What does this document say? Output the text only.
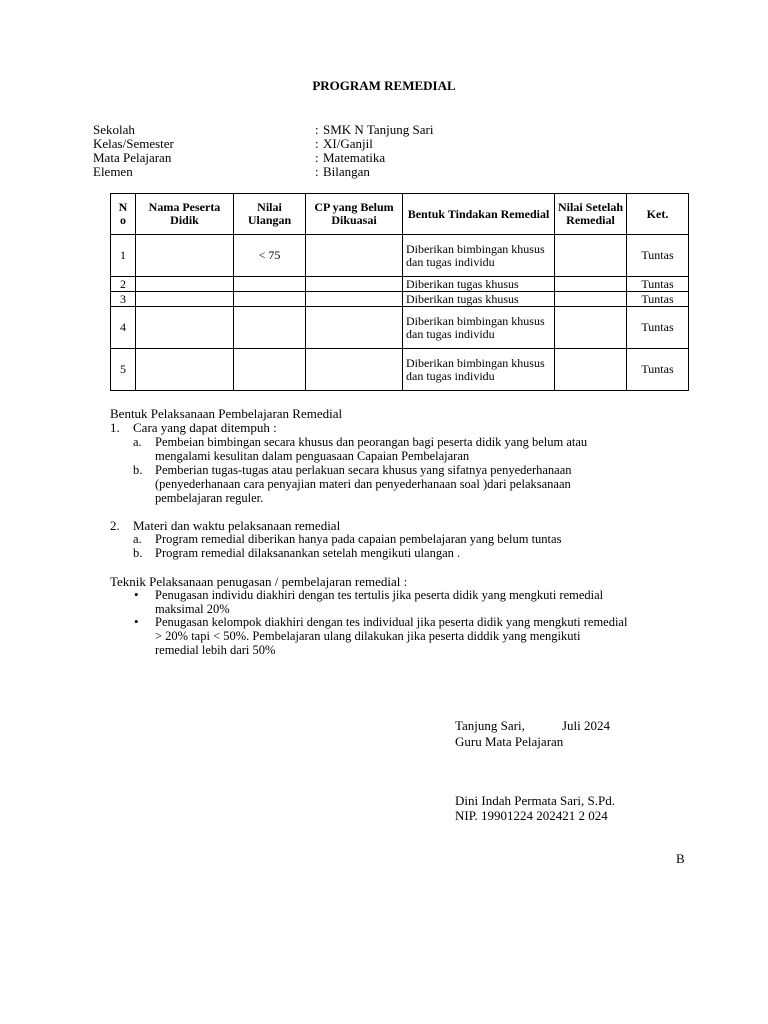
PROGRAM REMEDIAL
Sekolah	: SMK N Tanjung Sari
Kelas/Semester	: XI/Ganjil
Mata Pelajaran	: Matematika
Elemen	: Bilangan
N
o	Nama Peserta Didik	Nilai Ulangan	CP yang Belum Dikuasai	Bentuk Tindakan Remedial	Nilai Setelah Remedial	Ket.
1		< 75		Diberikan bimbingan khusus dan tugas individu		Tuntas
2				Diberikan tugas khusus		Tuntas
3				Diberikan tugas khusus		Tuntas
4				Diberikan bimbingan khusus dan tugas individu		Tuntas
5				Diberikan bimbingan khusus dan tugas individu		Tuntas
Bentuk Pelaksanaan Pembelajaran Remedial
1. Cara yang dapat ditempuh :
a. Pembeian bimbingan secara khusus dan peorangan bagi peserta didik yang belum atau
mengalami kesulitan dalam penguasaan Capaian Pembelajaran
b. Pemberian tugas-tugas atau perlakuan secara khusus yang sifatnya penyederhanaan
(penyederhanaan cara penyajian materi dan penyederhanaan soal )dari pelaksanaan
pembelajaran reguler.
2. Materi dan waktu pelaksanaan remedial
a. Program remedial diberikan hanya pada capaian pembelajaran yang belum tuntas
b. Program remedial dilaksanankan setelah mengikuti ulangan .
Teknik Pelaksanaan penugasan / pembelajaran remedial :
• Penugasan individu diakhiri dengan tes tertulis jika peserta didik yang mengkuti remedial
maksimal 20%
• Penugasan kelompok diakhiri dengan tes individual jika peserta didik yang mengkuti remedial
> 20% tapi < 50%. Pembelajaran ulang dilakukan jika peserta diddik yang mengikuti
remedial lebih dari 50%
Tanjung Sari,	Juli 2024
Guru Mata Pelajaran
Dini Indah Permata Sari, S.Pd.
NIP. 19901224 202421 2 024
B
